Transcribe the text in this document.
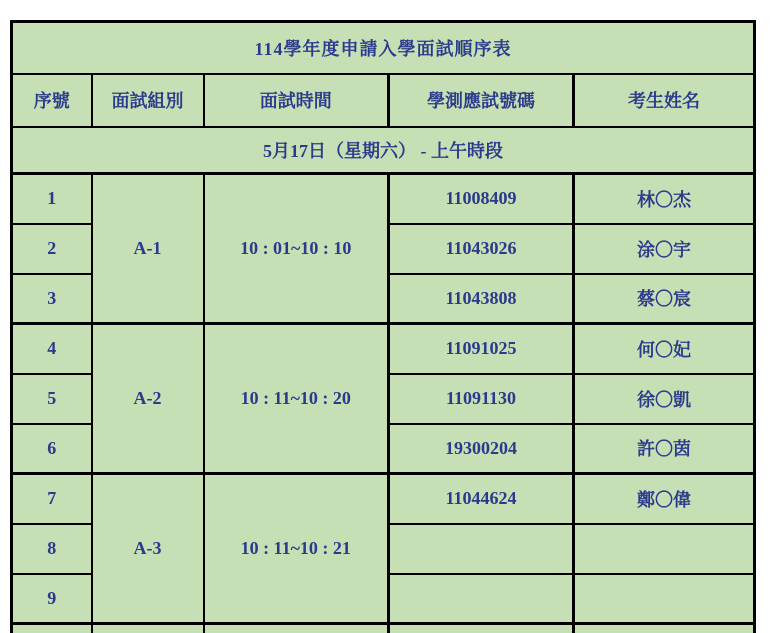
114學年度申請入學面試順序表				
序號	面試組別	面試時間	學測應試號碼	考生姓名
5月17日（星期六） - 上午時段				
1	A-1	10 : 01~10 : 10	11008409	林〇杰
2			11043026	涂〇宇
3			11043808	蔡〇宸
4	A-2	10 : 11~10 : 20	11091025	何〇妃
5			11091130	徐〇凱
6			19300204	許〇茵
7	A-3	10 : 11~10 : 21	11044624	鄭〇偉
8				
9				
